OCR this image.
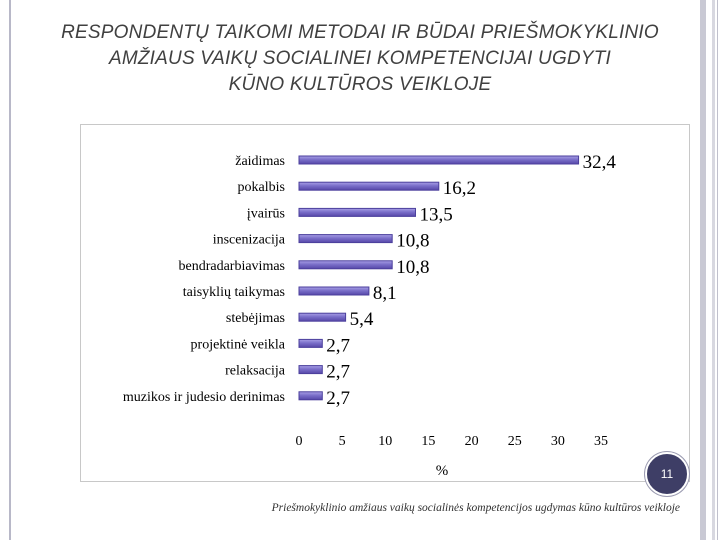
RESPONDENTŲ TAIKOMI METODAI IR BŪDAI PRIEŠMOKYKLINIO
AMŽIAUS VAIKŲ SOCIALINEI KOMPETENCIJAI UGDYTI
KŪNO KULTŪROS VEIKLOJE
žaidimas	32,4
pokalbis	16,2
įvairūs	13,5
inscenizacija	10,8
bendradarbiavimas	10,8
taisyklių taikymas	8,1
stebėjimas	5,4
projektinė veikla 2,7
relaksacija 2,7
muzikos ir judesio derinimas 2,7
0	5 10 15 20 25 30 35
%	11
Priešmokyklinio amžiaus vaikų socialinės kompetencijos ugdymas kūno kultūros veikloje
